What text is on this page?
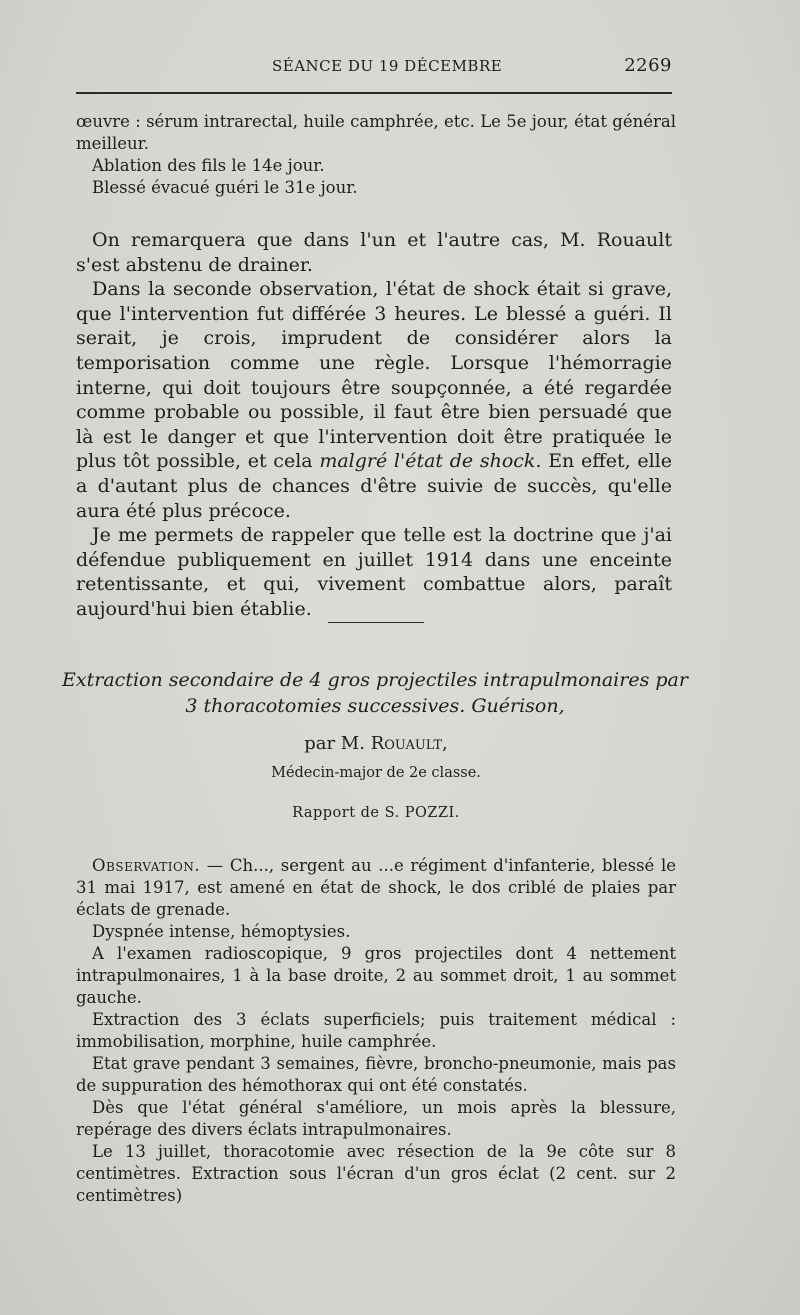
SÉANCE DU 19 DÉCEMBRE	2269

œuvre : sérum intrarectal, huile camphrée, etc. Le 5e jour, état général meilleur.

Ablation des fils le 14e jour.

Blessé évacué guéri le 31e jour.

On remarquera que dans l'un et l'autre cas, M. Rouault s'est abstenu de drainer.

Dans la seconde observation, l'état de shock était si grave, que l'intervention fut différée 3 heures. Le blessé a guéri. Il serait, je crois, imprudent de considérer alors la temporisation comme une règle. Lorsque l'hémorragie interne, qui doit toujours être soupçonnée, a été regardée comme probable ou possible, il faut être bien persuadé que là est le danger et que l'intervention doit être pratiquée le plus tôt possible, et cela malgré l'état de shock. En effet, elle a d'autant plus de chances d'être suivie de succès, qu'elle aura été plus précoce.

Je me permets de rappeler que telle est la doctrine que j'ai défendue publiquement en juillet 1914 dans une enceinte retentissante, et qui, vivement combattue alors, paraît aujourd'hui bien établie.

Extraction secondaire de 4 gros projectiles intrapulmonaires par
3 thoracotomies successives. Guérison,
par M. Rouault,
Médecin-major de 2e classe.
Rapport de S. POZZI.

Observation. — Ch..., sergent au ...e régiment d'infanterie, blessé le 31 mai 1917, est amené en état de shock, le dos criblé de plaies par éclats de grenade.

Dyspnée intense, hémoptysies.

A l'examen radioscopique, 9 gros projectiles dont 4 nettement intrapulmonaires, 1 à la base droite, 2 au sommet droit, 1 au sommet gauche.

Extraction des 3 éclats superficiels; puis traitement médical : immobilisation, morphine, huile camphrée.

Etat grave pendant 3 semaines, fièvre, broncho-pneumonie, mais pas de suppuration des hémothorax qui ont été constatés.

Dès que l'état général s'améliore, un mois après la blessure, repérage des divers éclats intrapulmonaires.

Le 13 juillet, thoracotomie avec résection de la 9e côte sur 8 centimètres. Extraction sous l'écran d'un gros éclat (2 cent. sur 2 centimètres)
